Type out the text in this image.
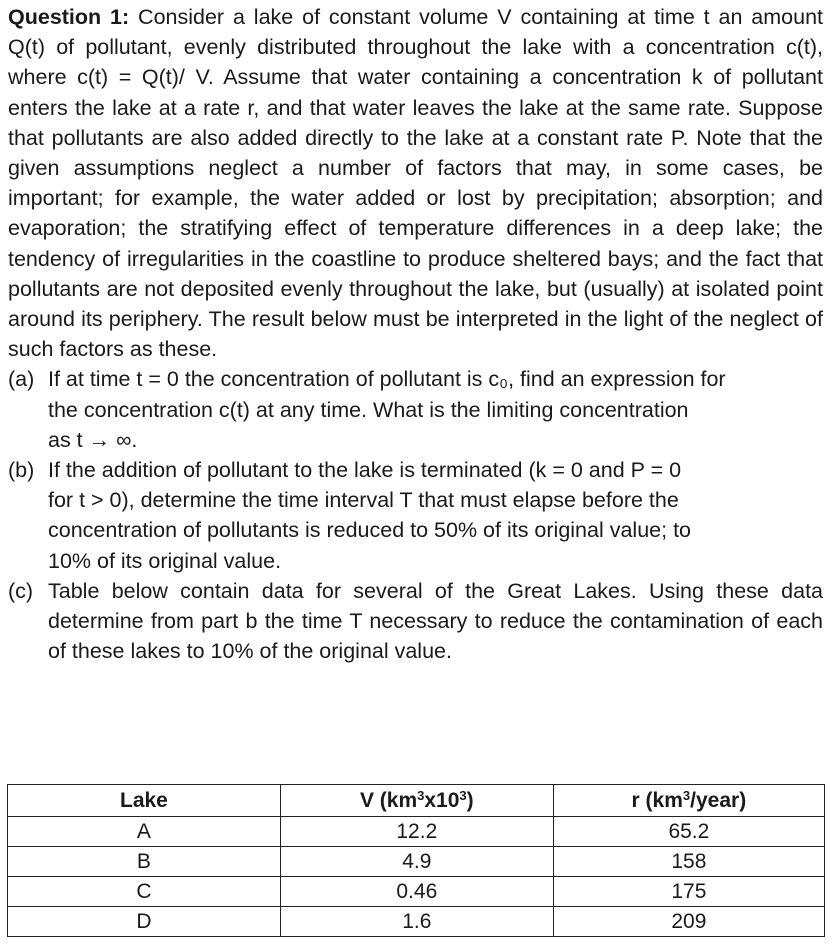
Question 1: Consider a lake of constant volume V containing at time t an amount Q(t) of pollutant, evenly distributed throughout the lake with a concentration c(t), where c(t) = Q(t)/ V. Assume that water containing a concentration k of pollutant enters the lake at a rate r, and that water leaves the lake at the same rate. Suppose that pollutants are also added directly to the lake at a constant rate P. Note that the given assumptions neglect a number of factors that may, in some cases, be important; for example, the water added or lost by precipitation; absorption; and evaporation; the stratifying effect of temperature differences in a deep lake; the tendency of irregularities in the coastline to produce sheltered bays; and the fact that pollutants are not deposited evenly throughout the lake, but (usually) at isolated point around its periphery. The result below must be interpreted in the light of the neglect of such factors as these.

(a) If at time t = 0 the concentration of pollutant is c₀, find an expression for
the concentration c(t) at any time. What is the limiting concentration
as t → ∞.
(b) If the addition of pollutant to the lake is terminated (k = 0 and P = 0
for t > 0), determine the time interval T that must elapse before the
concentration of pollutants is reduced to 50% of its original value; to
10% of its original value.
(c) Table below contain data for several of the Great Lakes. Using these data determine from part b the time T necessary to reduce the contamination of each of these lakes to 10% of the original value.
Lake	V $(km^3x10^3)$	r $(km^3/year)$
A	12.2	65.2
B	4.9	158
C	0.46	175
D	1.6	209
